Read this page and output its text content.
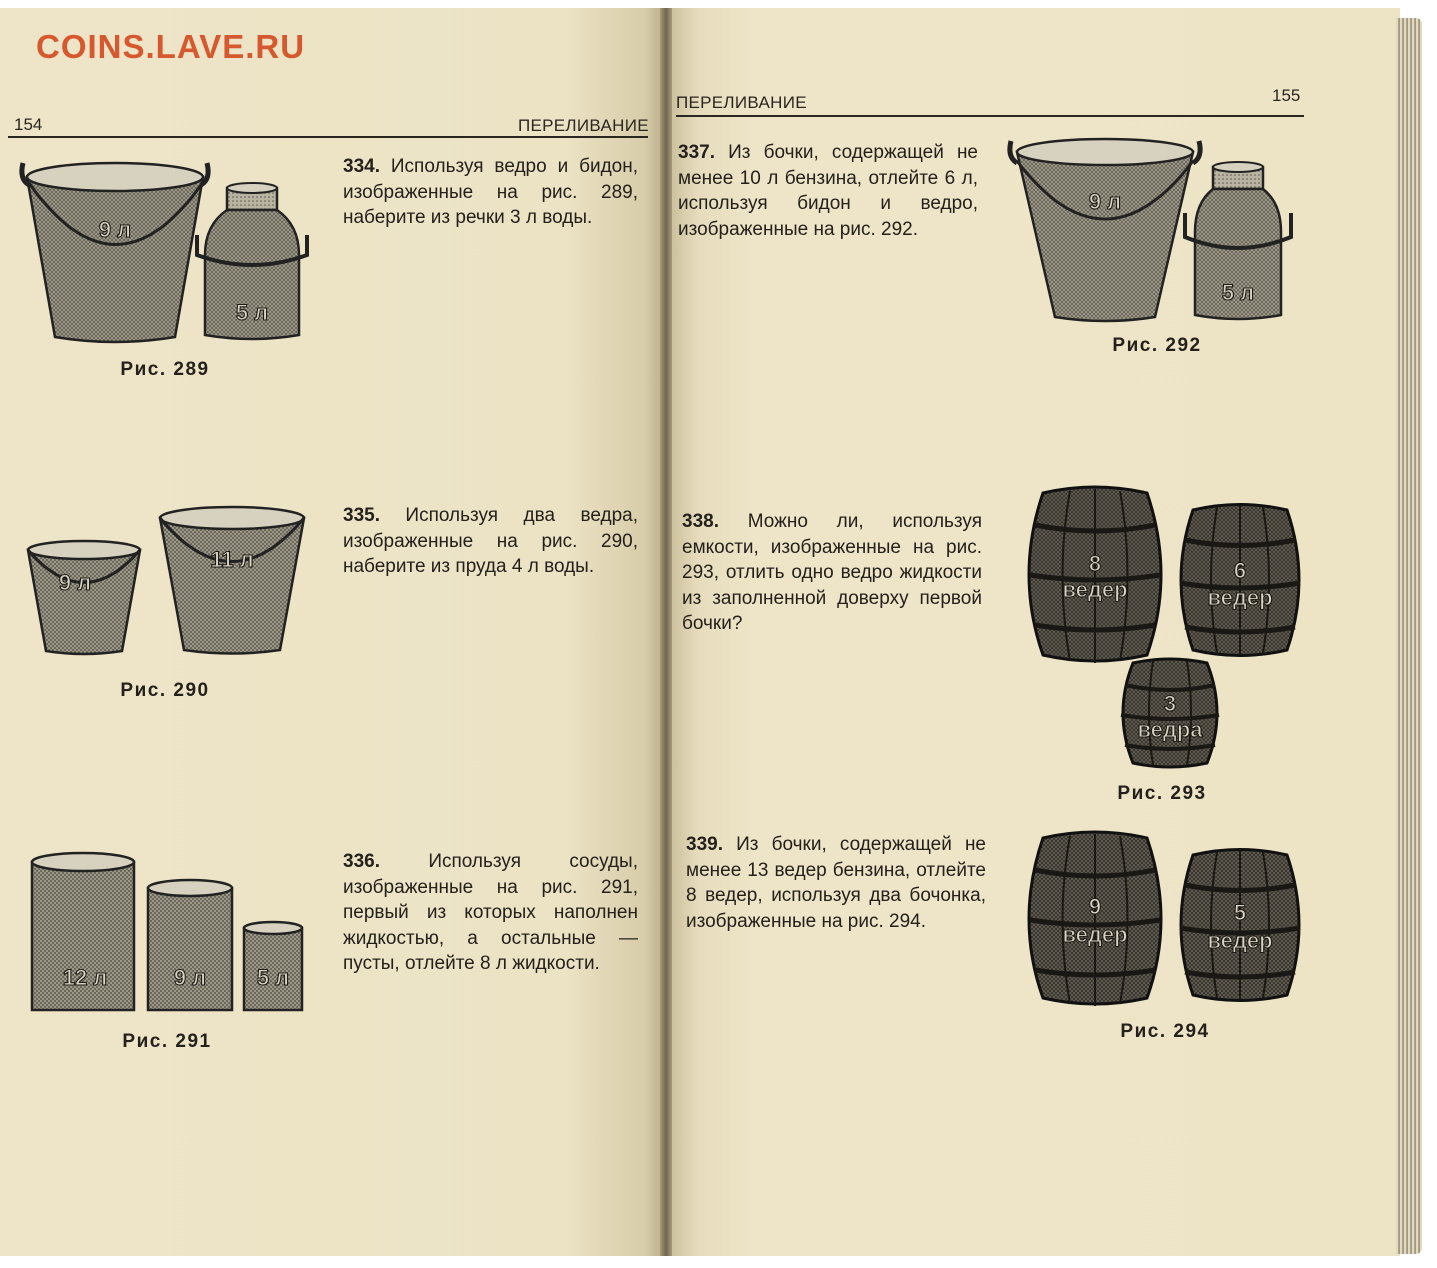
COINS.LAVE.RU
154	ПЕРЕЛИВАНИЕ
ПЕРЕЛИВАНИЕ	155

334. Используя ведро и бидон, изображенные на рис. 289, наберите из речки 3 л воды.

9 л
5 л
Рис. 289

335. Используя два ведра, изображенные на рис. 290, наберите из пруда 4 л воды.

9 л
11 л
Рис. 290

336.	Используя сосуды, изображенные на рис. 291, первый из которых наполнен жидкостью, а остальные — пусты, отлейте 8 л жидкости.

12 л	9 л 5 л
Рис. 291

337. Из бочки, содержащей не менее 10 л бензина, отлейте 6 л, используя бидон и ведро, изображенные на рис. 292.

9 л
5 л
Рис. 292

338. Можно ли, используя емкости, изображенные на рис. 293, отлить одно ведро жидкости из заполненной доверху первой бочки?

8
ведер
6
ведер
3
ведра
Рис. 293

339. Из бочки, содержащей не менее 13 ведер бензина, отлейте 8 ведер, используя два бочонка, изображенные на рис. 294.

9
ведер
5
ведер
Рис. 294
